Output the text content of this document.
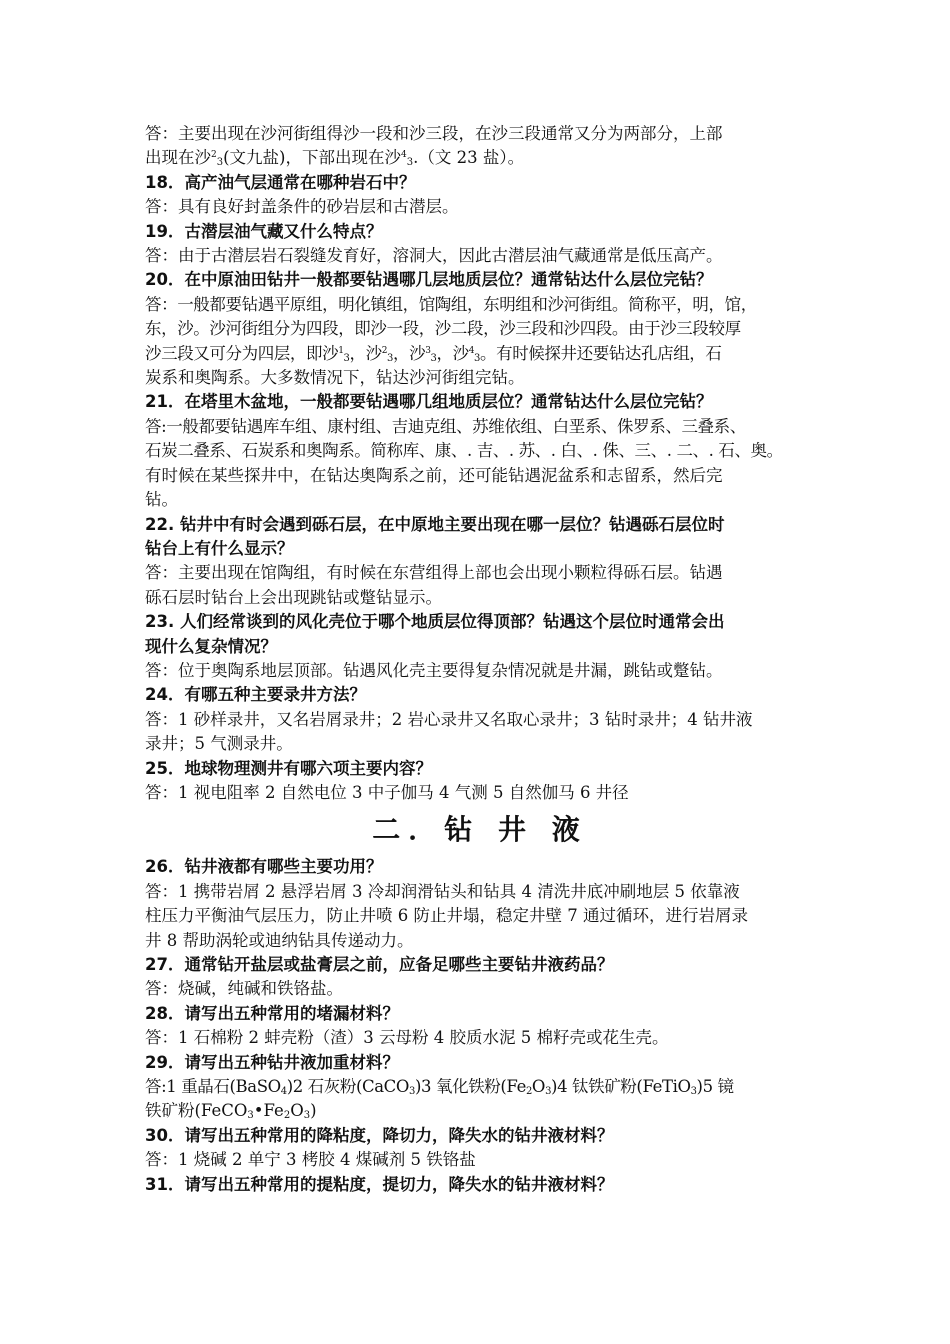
答：主要出现在沙河街组得沙一段和沙三段，在沙三段通常又分为两部分，上部
出现在沙$^2_3$(文九盐)，下部出现在沙$^4_3$.（文 23 盐）。
18．高产油气层通常在哪种岩石中？
答：具有良好封盖条件的砂岩层和古潜层。
19．古潜层油气藏又什么特点？
答：由于古潜层岩石裂缝发育好，溶洞大，因此古潜层油气藏通常是低压高产。
20．在中原油田钻井一般都要钻遇哪几层地质层位？通常钻达什么层位完钻？
答：一般都要钻遇平原组，明化镇组，馆陶组，东明组和沙河街组。简称平，明，馆，
东，沙。沙河街组分为四段，即沙一段，沙二段，沙三段和沙四段。由于沙三段较厚
沙三段又可分为四层，即沙$^1_3$，沙$^2_3$，沙$^3_3$，沙$^4_3$。有时候探井还要钻达孔店组，石
炭系和奥陶系。大多数情况下，钻达沙河街组完钻。
21．在塔里木盆地，一般都要钻遇哪几组地质层位？通常钻达什么层位完钻？
答:一般都要钻遇库车组、康村组、吉迪克组、苏维依组、白垩系、侏罗系、三叠系、
石炭二叠系、石炭系和奥陶系。简称库、康、. 吉、. 苏、. 白、. 侏、三、. 二、. 石、奥。
有时候在某些探井中，在钻达奥陶系之前，还可能钻遇泥盆系和志留系，然后完
钻。
22. 钻井中有时会遇到砾石层，在中原地主要出现在哪一层位？钻遇砾石层位时
钻台上有什么显示？
答：主要出现在馆陶组，有时候在东营组得上部也会出现小颗粒得砾石层。钻遇
砾石层时钻台上会出现跳钻或蹩钻显示。
23. 人们经常谈到的风化壳位于哪个地质层位得顶部？钻遇这个层位时通常会出
现什么复杂情况？
答：位于奥陶系地层顶部。钻遇风化壳主要得复杂情况就是井漏，跳钻或蹩钻。
24．有哪五种主要录井方法？
答：1 砂样录井，又名岩屑录井；2 岩心录井又名取心录井；3 钻时录井；4 钻井液
录井；5 气测录井。
25．地球物理测井有哪六项主要内容？
答：1 视电阻率 2 自然电位 3 中子伽马 4 气测 5 自然伽马 6 井径
二．钻 井 液
26．钻井液都有哪些主要功用？
答：1 携带岩屑 2 悬浮岩屑 3 冷却润滑钻头和钻具 4 清洗井底冲刷地层 5 依靠液
柱压力平衡油气层压力，防止井喷 6 防止井塌，稳定井壁 7 通过循环，进行岩屑录
井 8 帮助涡轮或迪纳钻具传递动力。
27．通常钻开盐层或盐膏层之前，应备足哪些主要钻井液药品？
答：烧碱，纯碱和铁铬盐。
28．请写出五种常用的堵漏材料？
答：1 石棉粉 2 蚌壳粉（渣）3 云母粉 4 胶质水泥 5 棉籽壳或花生壳。
29．请写出五种钻井液加重材料？
答:1 重晶石(BaSO$_4$)2 石灰粉(CaCO$_3$)3 氧化铁粉$(Fe_2O_3)4$ 钛铁矿粉(FeTiO$_3$)5 镜
铁矿粉$(FeCO_3•Fe_2O_3)$
30．请写出五种常用的降粘度，降切力，降失水的钻井液材料？
答：1 烧碱 2 单宁 3 栲胶 4 煤碱剂 5 铁铬盐
31．请写出五种常用的提粘度，提切力，降失水的钻井液材料？
